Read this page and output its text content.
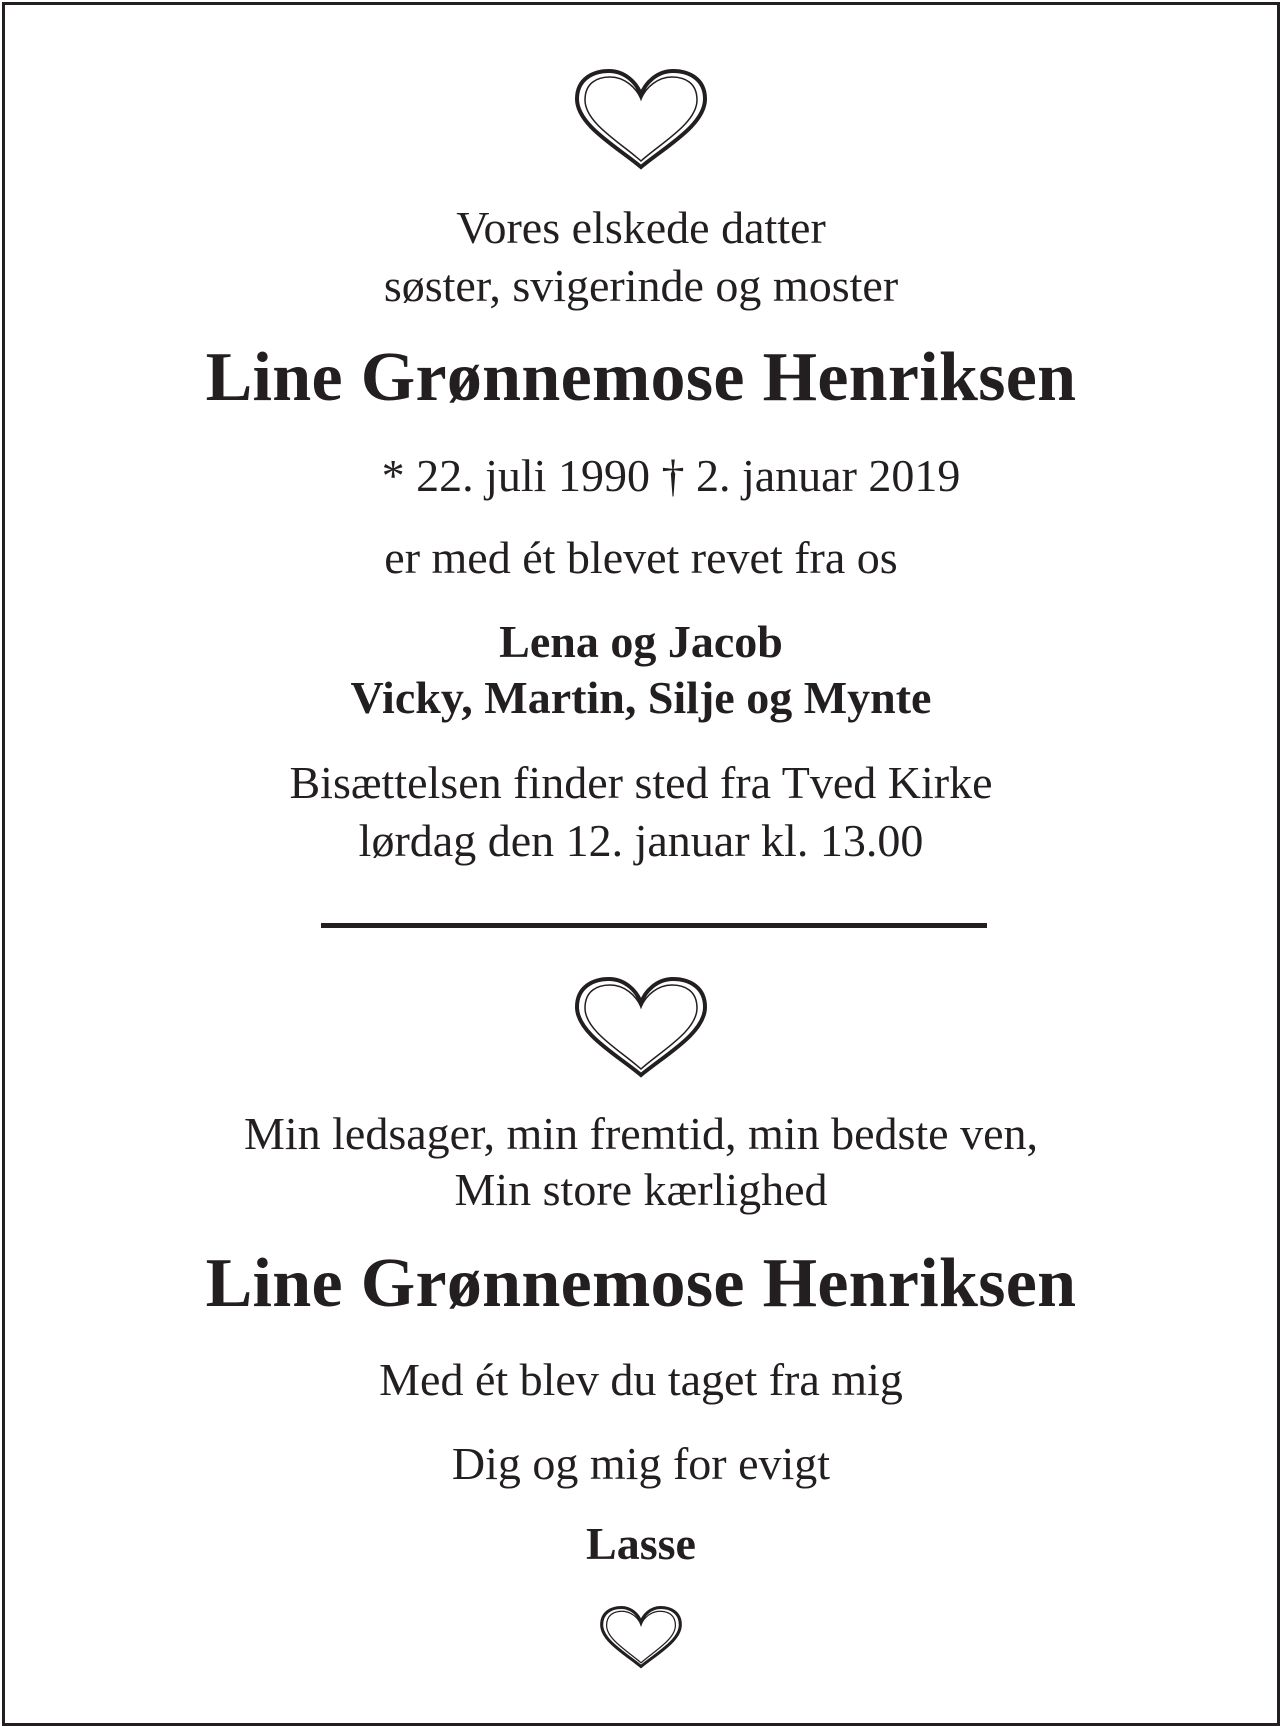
Vores elskede datter
søster, svigerinde og moster
Line Grønnemose Henriksen
* 22. juli 1990 † 2. januar 2019
er med ét blevet revet fra os
Lena og Jacob
Vicky, Martin, Silje og Mynte
Bisættelsen finder sted fra Tved Kirke
lørdag den 12. januar kl. 13.00
Min ledsager, min fremtid, min bedste ven,
Min store kærlighed
Line Grønnemose Henriksen
Med ét blev du taget fra mig
Dig og mig for evigt
Lasse
